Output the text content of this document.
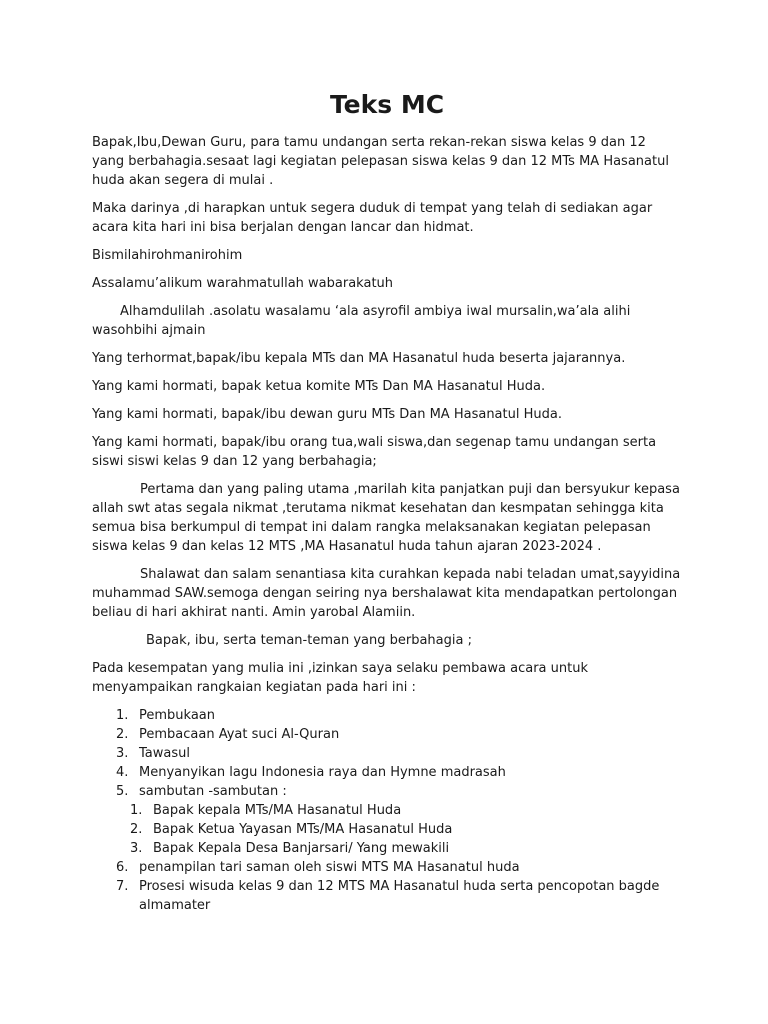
Teks MC

Bapak,Ibu,Dewan Guru, para tamu undangan serta rekan-rekan siswa kelas 9 dan 12 yang berbahagia.sesaat lagi kegiatan pelepasan siswa kelas 9 dan 12 MTs MA Hasanatul huda akan segera di mulai .

Maka darinya ,di harapkan untuk segera duduk di tempat yang telah di sediakan agar acara kita hari ini bisa berjalan dengan lancar dan hidmat.

Bismilahirohmanirohim

Assalamu’alikum warahmatullah wabarakatuh

Alhamdulilah .asolatu wasalamu ‘ala asyrofil ambiya iwal mursalin,wa’ala alihi wasohbihi ajmain

Yang terhormat,bapak/ibu kepala MTs dan MA Hasanatul huda beserta jajarannya.

Yang kami hormati, bapak ketua komite MTs Dan MA Hasanatul Huda.

Yang kami hormati, bapak/ibu dewan guru MTs Dan MA Hasanatul Huda.

Yang kami hormati, bapak/ibu orang tua,wali siswa,dan segenap tamu undangan serta siswi siswi kelas 9 dan 12 yang berbahagia;

Pertama dan yang paling utama ,marilah kita panjatkan puji dan bersyukur kepasa allah swt atas segala nikmat ,terutama nikmat kesehatan dan kesmpatan sehingga kita semua bisa berkumpul di tempat ini dalam rangka melaksanakan kegiatan pelepasan siswa kelas 9 dan kelas 12 MTS ,MA Hasanatul huda tahun ajaran 2023-2024 .

Shalawat dan salam senantiasa kita curahkan kepada nabi teladan umat,sayyidina muhammad SAW.semoga dengan seiring nya bershalawat kita mendapatkan pertolongan beliau di hari akhirat nanti. Amin yarobal Alamiin.

Bapak, ibu, serta teman-teman yang berbahagia ;

Pada kesempatan yang mulia ini ,izinkan saya selaku pembawa acara untuk menyampaikan rangkaian kegiatan pada hari ini :

1. Pembukaan
2. Pembacaan Ayat suci Al-Quran
3. Tawasul
4. Menyanyikan lagu Indonesia raya dan Hymne madrasah
5. sambutan -sambutan :
1. Bapak kepala MTs/MA Hasanatul Huda
2. Bapak Ketua Yayasan MTs/MA Hasanatul Huda
3. Bapak Kepala Desa Banjarsari/ Yang mewakili
6. penampilan tari saman oleh siswi MTS MA Hasanatul huda
7. Prosesi wisuda kelas 9 dan 12 MTS MA Hasanatul huda serta pencopotan bagde almamater
